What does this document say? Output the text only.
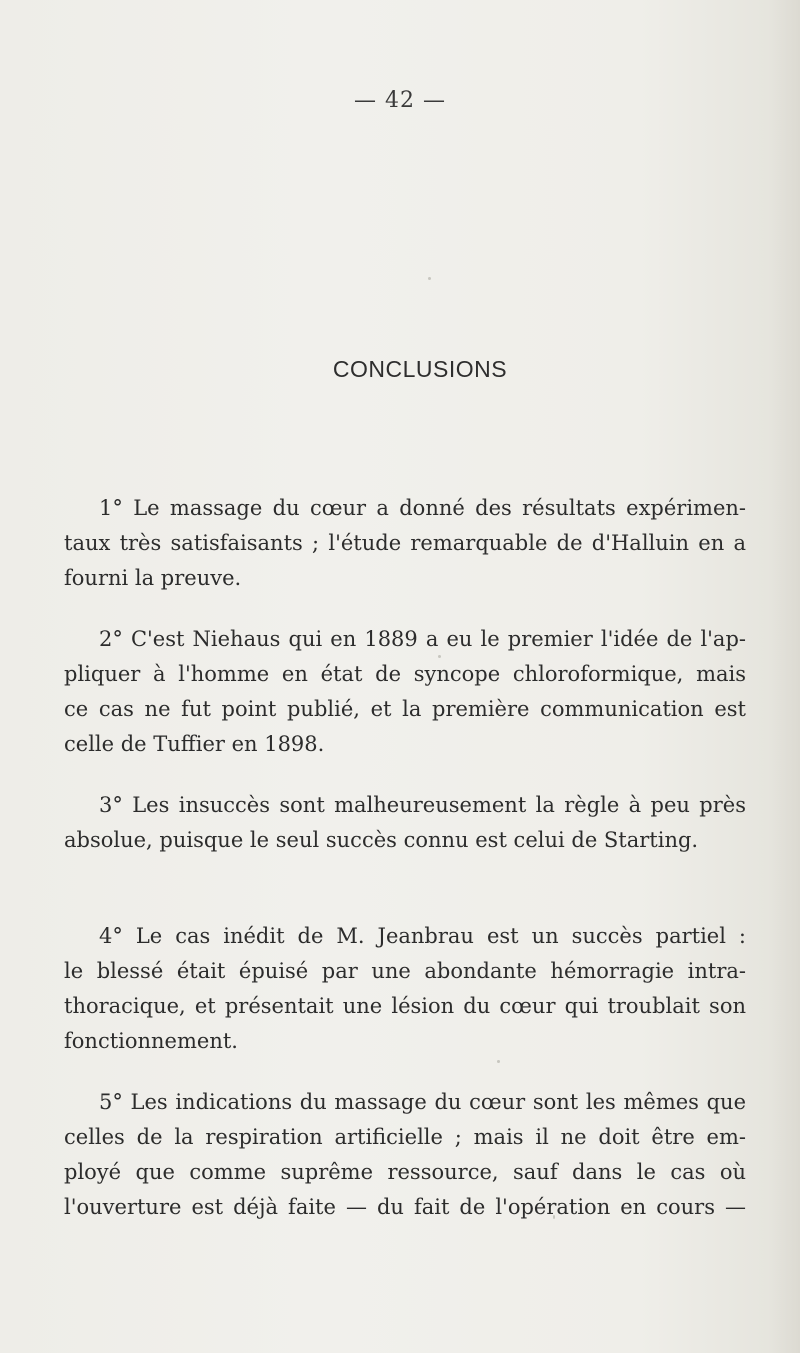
— 42 —
CONCLUSIONS
1° Le massage du cœur a donné des résultats expérimen-
taux très satisfaisants ; l'étude remarquable de d'Halluin en a
fourni la preuve.
2° C'est Niehaus qui en 1889 a eu le premier l'idée de l'ap-
pliquer à l'homme en état de syncope chloroformique, mais
ce cas ne fut point publié, et la première communication est
celle de Tuffier en 1898.
3° Les insuccès sont malheureusement la règle à peu près
absolue, puisque le seul succès connu est celui de Starting.
4° Le cas inédit de M. Jeanbrau est un succès partiel :
le blessé était épuisé par une abondante hémorragie intra-
thoracique, et présentait une lésion du cœur qui troublait son
fonctionnement.
5° Les indications du massage du cœur sont les mêmes que
celles de la respiration artificielle ; mais il ne doit être em-
ployé que comme suprême ressource, sauf dans le cas où
l'ouverture est déjà faite — du fait de l'opération en cours —
